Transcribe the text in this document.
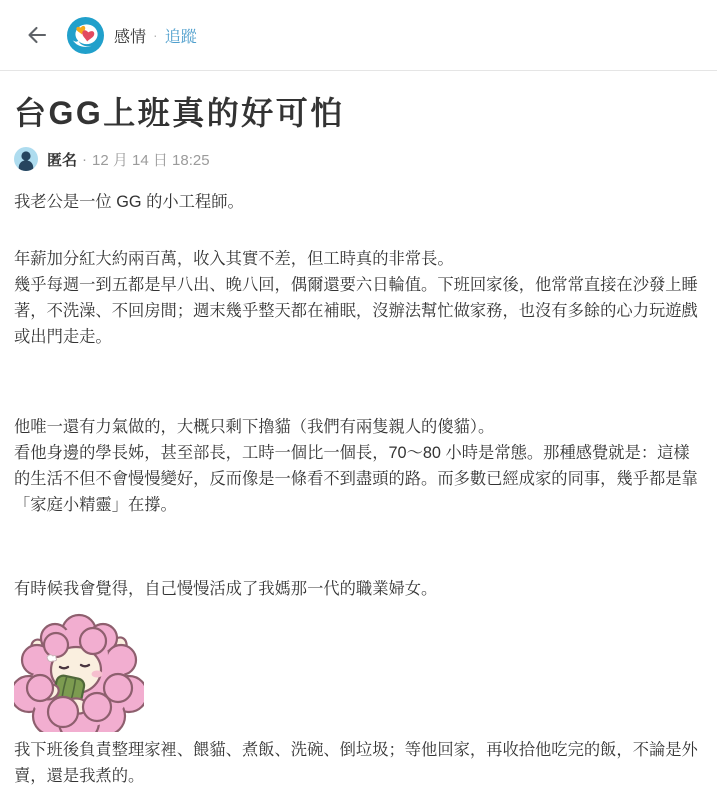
感情 · 追蹤
台GG上班真的好可怕
匿名 · 12 月 14 日 18:25

我老公是一位 GG 的小工程師。

年薪加分紅大約兩百萬，收入其實不差，但工時真的非常長。

幾乎每週一到五都是早八出、晚八回，偶爾還要六日輪值。下班回家後，他常常直接在沙發上睡著，不洗澡、不回房間；週末幾乎整天都在補眠，沒辦法幫忙做家務，也沒有多餘的心力玩遊戲或出門走走。

他唯一還有力氣做的，大概只剩下擼貓（我們有兩隻親人的傻貓）。

看他身邊的學長姊，甚至部長，工時一個比一個長，70～80 小時是常態。那種感覺就是：這樣的生活不但不會慢慢變好，反而像是一條看不到盡頭的路。而多數已經成家的同事，幾乎都是靠「家庭小精靈」在撐。

有時候我會覺得，自己慢慢活成了我媽那一代的職業婦女。

我下班後負責整理家裡、餵貓、煮飯、洗碗、倒垃圾；等他回家，再收拾他吃完的飯，不論是外賣，還是我煮的。
